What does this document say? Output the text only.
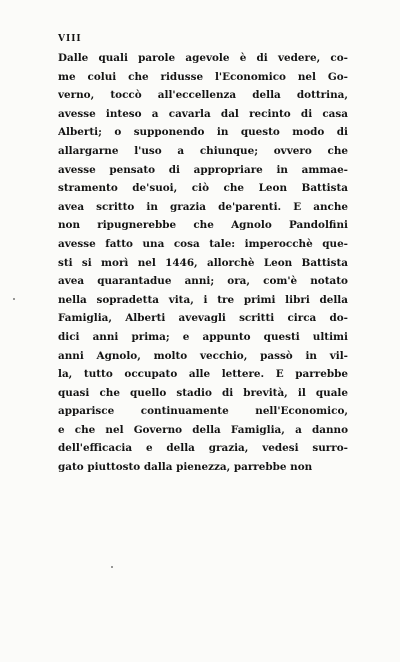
VIII
Dalle quali parole agevole è di vedere, co-
me colui che ridusse l'Economico nel Go-
verno, toccò all'eccellenza della dottrina,
avesse inteso a cavarla dal recinto di casa
Alberti; o supponendo in questo modo di
allargarne l'uso a chiunque; ovvero che
avesse pensato di appropriare in ammae-
stramento de'suoi, ciò che Leon Battista
avea scritto in grazia de'parenti. E anche
non ripugnerebbe che Agnolo Pandolfini
avesse fatto una cosa tale: imperocchè que-
sti si morì nel 1446, allorchè Leon Battista
avea quarantadue anni; ora, com'è notato
nella sopradetta vita, i tre primi libri della
Famiglia, Alberti avevagli scritti circa do-
dici anni prima; e appunto questi ultimi
anni Agnolo, molto vecchio, passò in vil-
la, tutto occupato alle lettere. E parrebbe
quasi che quello stadio di brevità, il quale
apparisce continuamente nell'Economico,
e che nel Governo della Famiglia, a danno
dell'efficacia e della grazia, vedesi surro-
gato piuttosto dalla pienezza, parrebbe non
